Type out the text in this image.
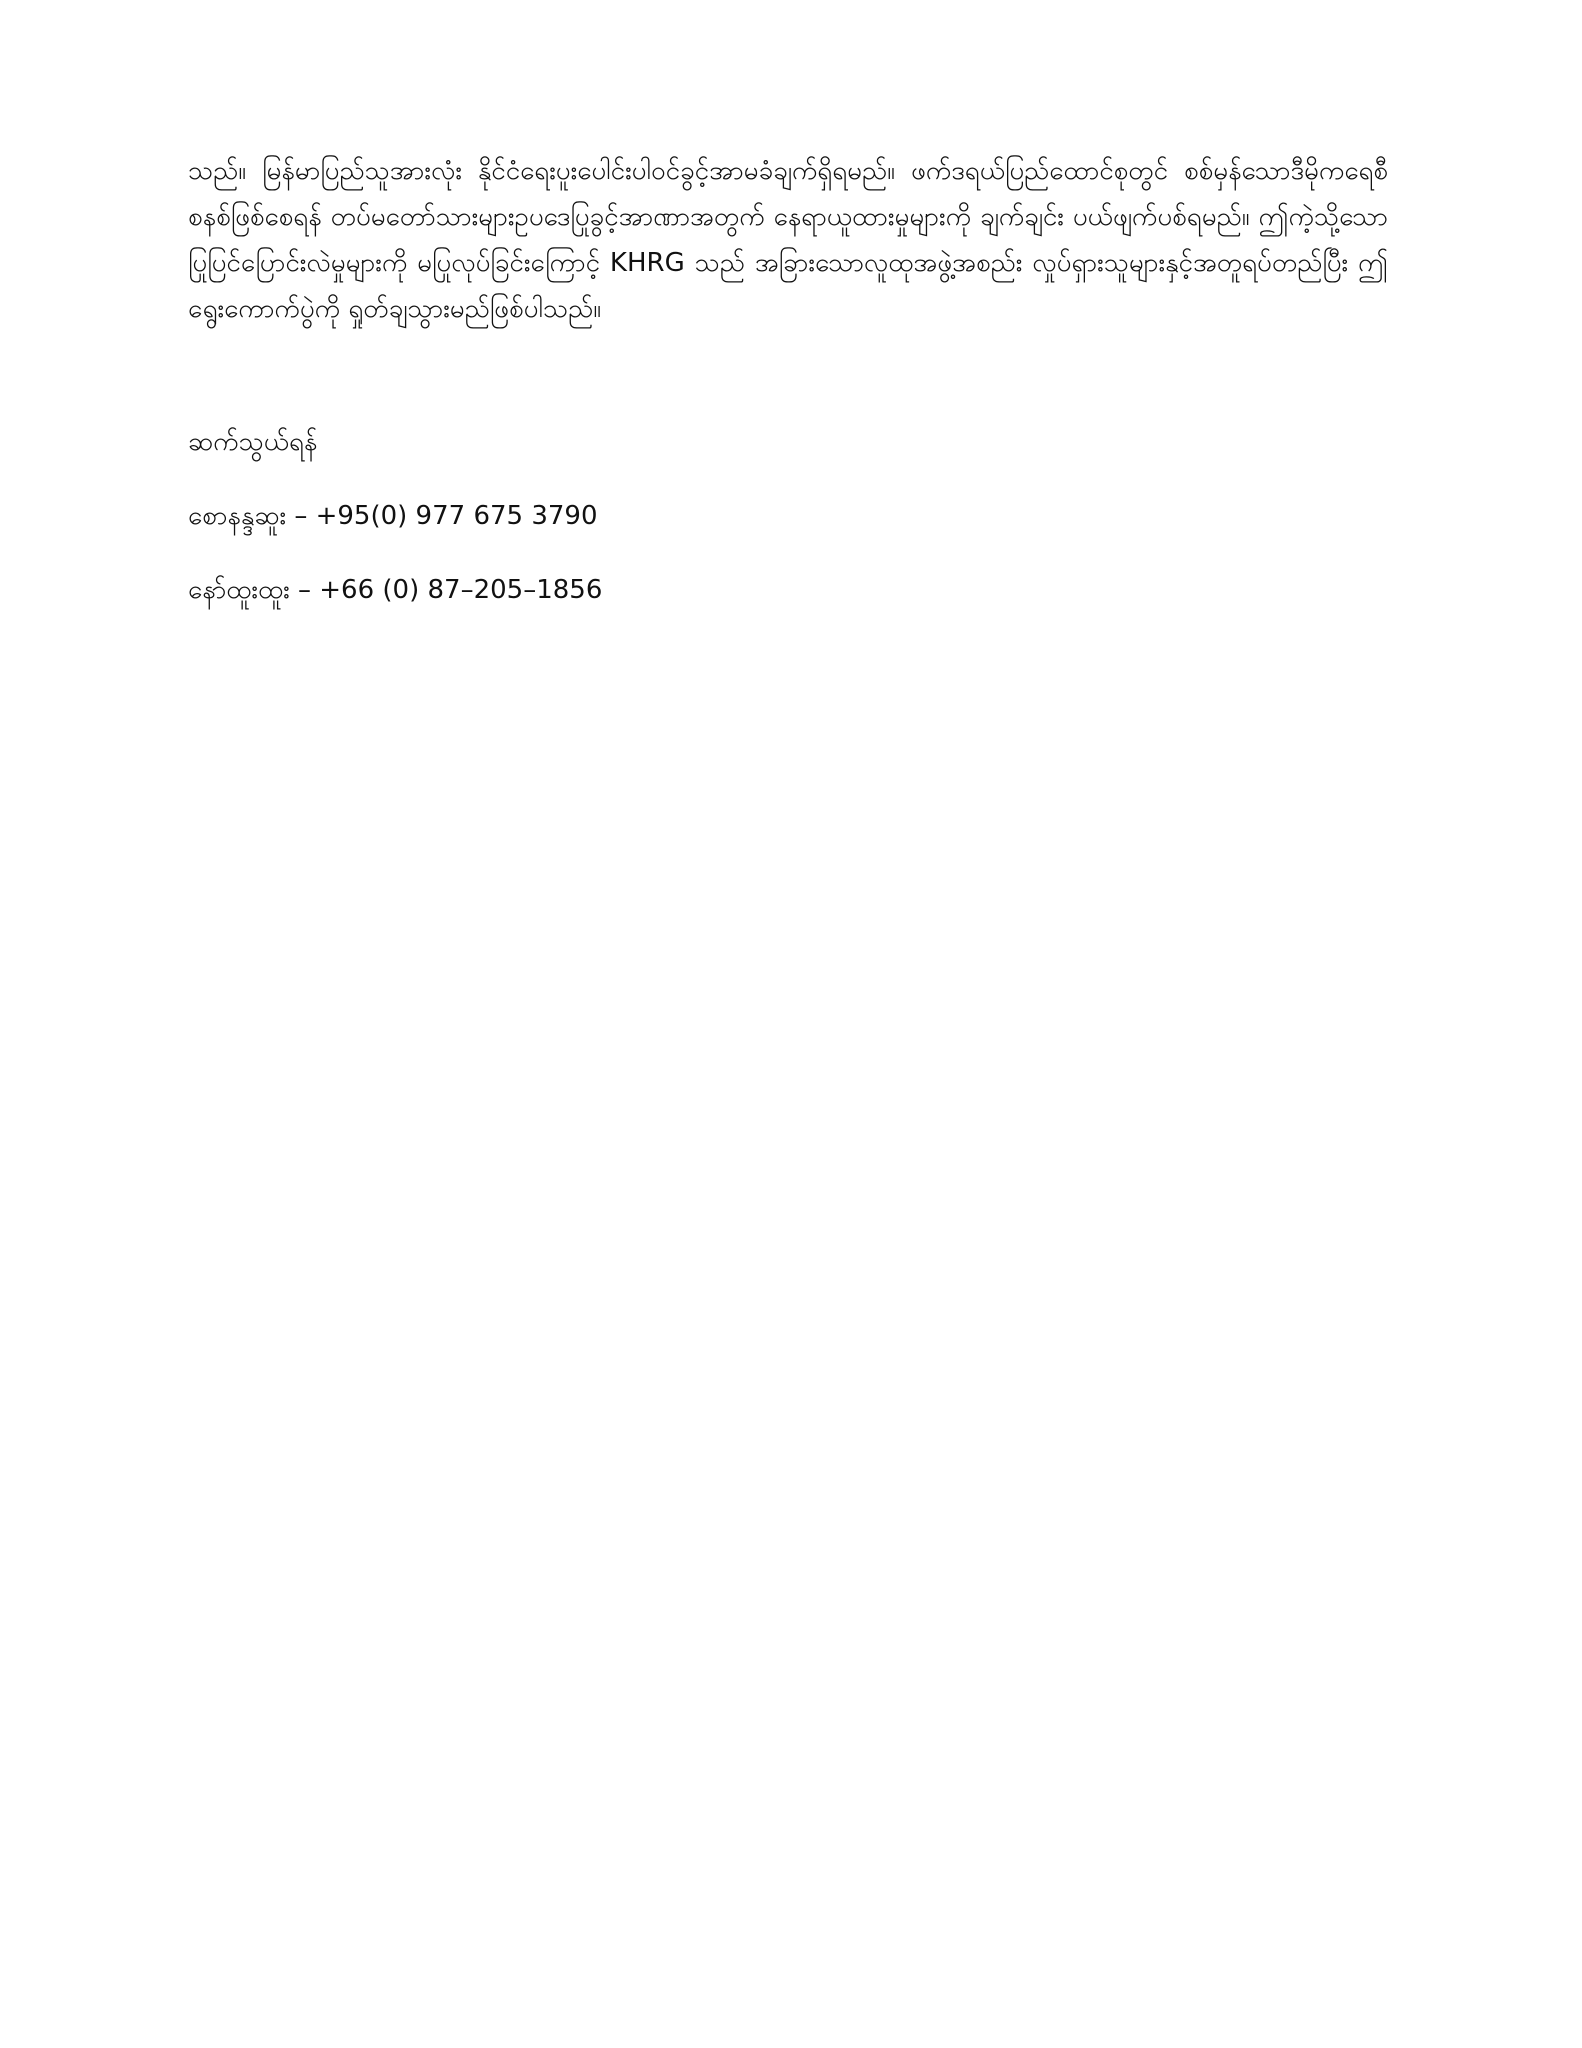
သည်။ မြန်မာပြည်သူအားလုံး နိုင်ငံရေးပူးပေါင်းပါဝင်ခွင့်အာမခံချက်ရှိရမည်။ ဖက်ဒရယ်ပြည်ထောင်စုတွင် စစ်မှန်သောဒီမိုကရေစီစနစ်ဖြစ်စေရန် တပ်မတော်သားများဥပဒေပြုခွင့်အာဏာအတွက် နေရာယူထားမှုများကို ချက်ချင်း ပယ်ဖျက်ပစ်ရမည်။ ဤကဲ့သို့သောပြုပြင်ပြောင်းလဲမှုများကို မပြုလုပ်ခြင်းကြောင့် KHRG သည် အခြားသောလူထုအဖွဲ့အစည်း လှုပ်ရှားသူများနှင့်အတူရပ်တည်ပြီး ဤရွေးကောက်ပွဲကို ရှုတ်ချသွားမည်ဖြစ်ပါသည်။

ဆက်သွယ်ရန်

စောနန္ဒဆူး – +95(0) 977 675 3790

နော်ထူးထူး – +66 (0) 87–205–1856
